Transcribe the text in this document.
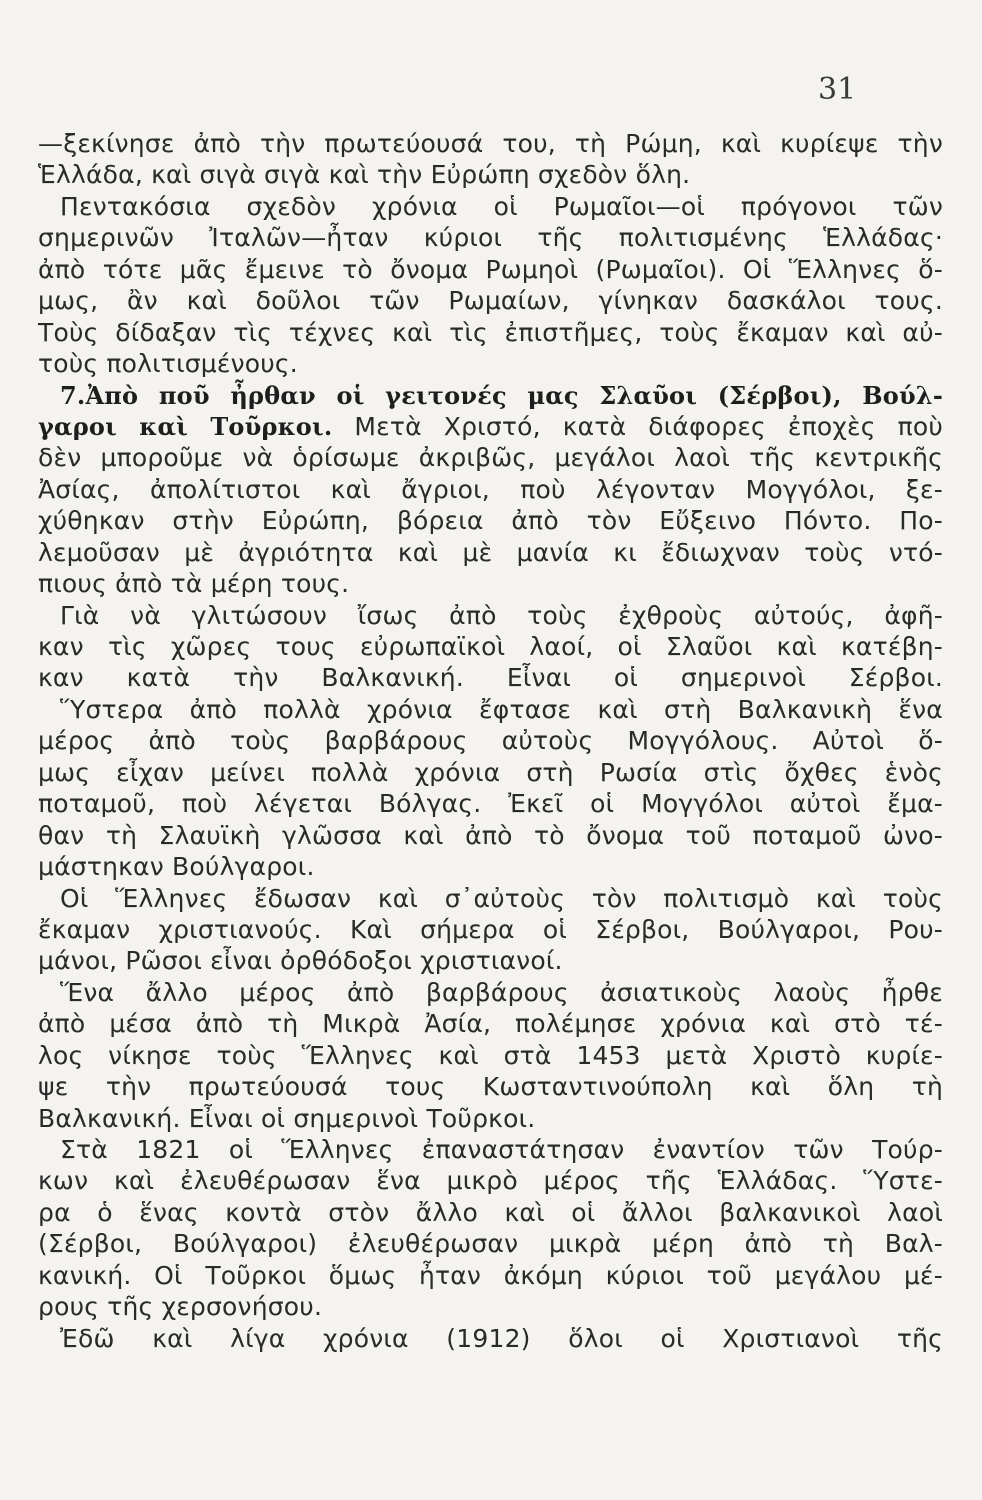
31
—ξεκίνησε ἀπὸ τὴν πρωτεύουσά του, τὴ Ρώμη, καὶ κυρίεψε τὴν
Ἑλλάδα, καὶ σιγὰ σιγὰ καὶ τὴν Εὐρώπη σχεδὸν ὅλη.
Πεντακόσια σχεδὸν χρόνια οἱ Ρωμαῖοι—οἱ πρόγονοι τῶν
σημερινῶν Ἰταλῶν—ἦταν κύριοι τῆς πολιτισμένης Ἑλλάδας·
ἀπὸ τότε μᾶς ἔμεινε τὸ ὄνομα Ρωμηοὶ (Ρωμαῖοι). Οἱ Ἕλληνες ὅ-
μως, ἂν καὶ δοῦλοι τῶν Ρωμαίων, γίνηκαν δασκάλοι τους.
Τοὺς δίδαξαν τὶς τέχνες καὶ τὶς ἐπιστῆμες, τοὺς ἔκαμαν καὶ αὐ-
τοὺς πολιτισμένους.
7.Ἀπὸ ποῦ ἦρθαν οἱ γειτονές μας Σλαῦοι (Σέρβοι), Βούλ-
γαροι καὶ Τοῦρκοι. Μετὰ Χριστό, κατὰ διάφορες ἐποχὲς ποὺ
δὲν μποροῦμε νὰ ὁρίσωμε ἀκριβῶς, μεγάλοι λαοὶ τῆς κεντρικῆς
Ἀσίας, ἀπολίτιστοι καὶ ἄγριοι, ποὺ λέγονταν Μογγόλοι, ξε-
χύθηκαν στὴν Εὐρώπη, βόρεια ἀπὸ τὸν Εὔξεινο Πόντο. Πο-
λεμοῦσαν μὲ ἀγριότητα καὶ μὲ μανία κι ἔδιωχναν τοὺς ντό-
πιους ἀπὸ τὰ μέρη τους.
Γιὰ νὰ γλιτώσουν ἴσως ἀπὸ τοὺς ἐχθροὺς αὐτούς, ἀφῆ-
καν τὶς χῶρες τους εὐρωπαϊκοὶ λαοί, οἱ Σλαῦοι καὶ κατέβη-
καν κατὰ τὴν Βαλκανική. Εἶναι οἱ σημερινοὶ Σέρβοι.
Ὕστερα ἀπὸ πολλὰ χρόνια ἔφτασε καὶ στὴ Βαλκανικὴ ἕνα
μέρος ἀπὸ τοὺς βαρβάρους αὐτοὺς Μογγόλους. Αὐτοὶ ὅ-
μως εἶχαν μείνει πολλὰ χρόνια στὴ Ρωσία στὶς ὄχθες ἑνὸς
ποταμοῦ, ποὺ λέγεται Βόλγας. Ἐκεῖ οἱ Μογγόλοι αὐτοὶ ἔμα-
θαν τὴ Σλαυϊκὴ γλῶσσα καὶ ἀπὸ τὸ ὄνομα τοῦ ποταμοῦ ὠνο-
μάστηκαν Βούλγαροι.
Οἱ Ἕλληνες ἔδωσαν καὶ σ᾽αὐτοὺς τὸν πολιτισμὸ καὶ τοὺς
ἔκαμαν χριστιανούς. Καὶ σήμερα οἱ Σέρβοι, Βούλγαροι, Ρου-
μάνοι, Ρῶσοι εἶναι ὀρθόδοξοι χριστιανοί.
Ἕνα ἄλλο μέρος ἀπὸ βαρβάρους ἀσιατικοὺς λαοὺς ἦρθε
ἀπὸ μέσα ἀπὸ τὴ Μικρὰ Ἀσία, πολέμησε χρόνια καὶ στὸ τέ-
λος νίκησε τοὺς Ἕλληνες καὶ στὰ 1453 μετὰ Χριστὸ κυρίε-
ψε τὴν πρωτεύουσά τους Κωσταντινούπολη καὶ ὅλη τὴ
Βαλκανική. Εἶναι οἱ σημερινοὶ Τοῦρκοι.
Στὰ 1821 οἱ Ἕλληνες ἐπαναστάτησαν ἐναντίον τῶν Τούρ-
κων καὶ ἐλευθέρωσαν ἕνα μικρὸ μέρος τῆς Ἑλλάδας. Ὕστε-
ρα ὁ ἕνας κοντὰ στὸν ἄλλο καὶ οἱ ἄλλοι βαλκανικοὶ λαοὶ
(Σέρβοι, Βούλγαροι) ἐλευθέρωσαν μικρὰ μέρη ἀπὸ τὴ Βαλ-
κανική. Οἱ Τοῦρκοι ὅμως ἦταν ἀκόμη κύριοι τοῦ μεγάλου μέ-
ρους τῆς χερσονήσου.
Ἐδῶ καὶ λίγα χρόνια (1912) ὅλοι οἱ Χριστιανοὶ τῆς
